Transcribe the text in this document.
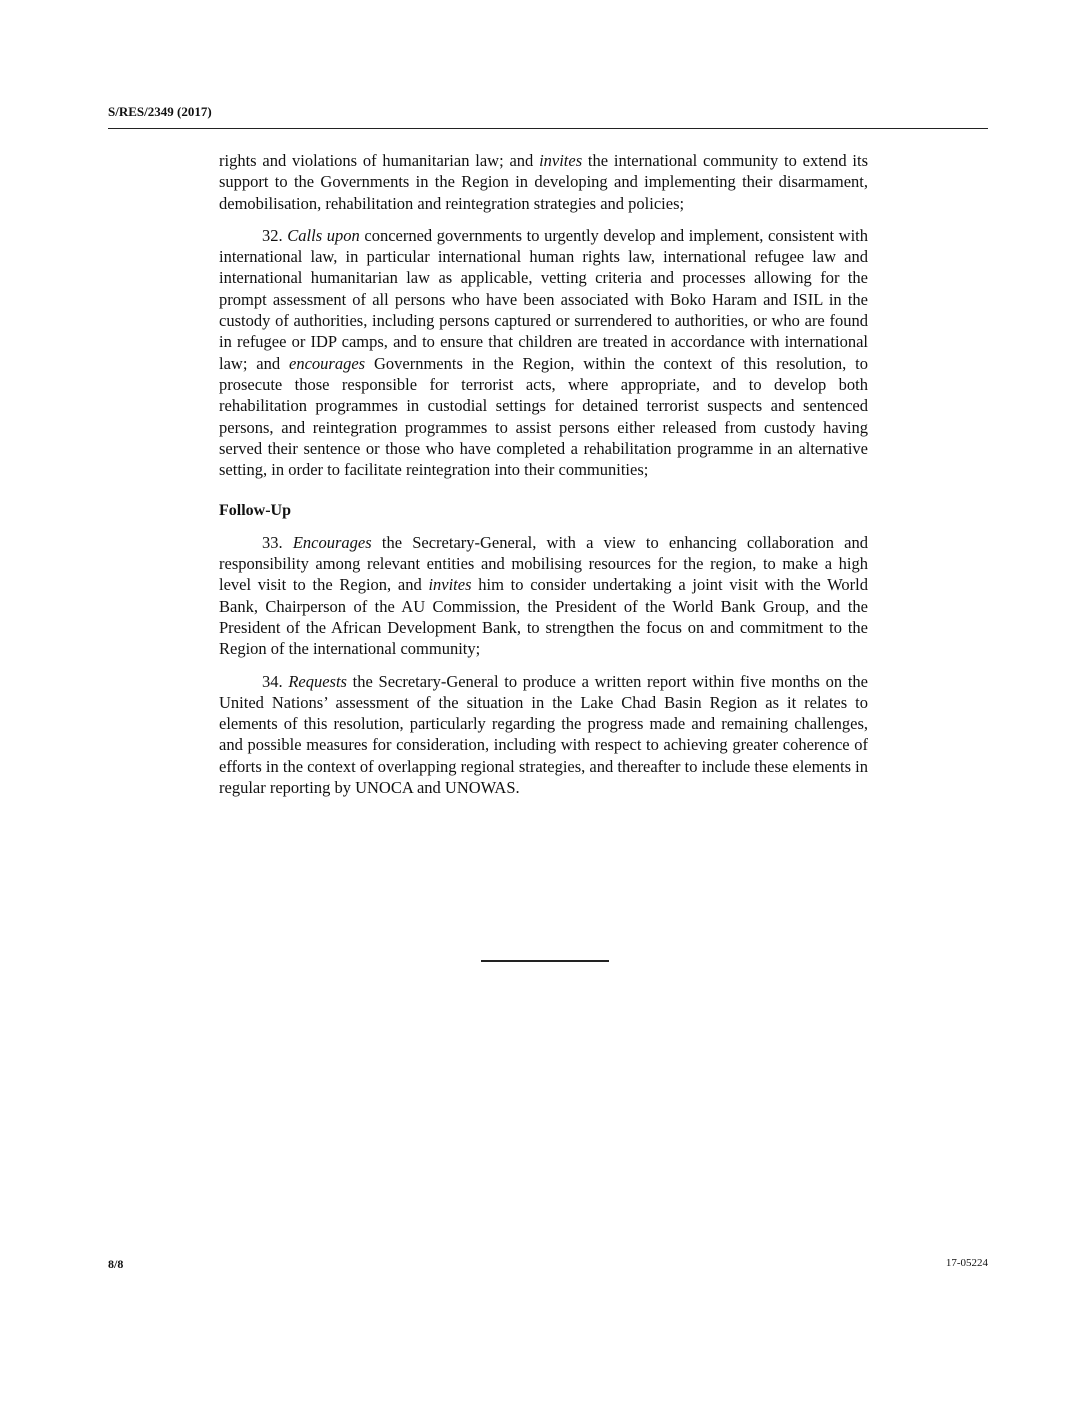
S/RES/2349 (2017)

rights and violations of humanitarian law; and invites the international community to extend its support to the Governments in the Region in developing and implementing their disarmament, demobilisation, rehabilitation and reintegration strategies and policies;

32. Calls upon concerned governments to urgently develop and implement, consistent with international law, in particular international human rights law, international refugee law and international humanitarian law as applicable, vetting criteria and processes allowing for the prompt assessment of all persons who have been associated with Boko Haram and ISIL in the custody of authorities, including persons captured or surrendered to authorities, or who are found in refugee or IDP camps, and to ensure that children are treated in accordance with international law; and encourages Governments in the Region, within the context of this resolution, to prosecute those responsible for terrorist acts, where appropriate, and to develop both rehabilitation programmes in custodial settings for detained terrorist suspects and sentenced persons, and reintegration programmes to assist persons either released from custody having served their sentence or those who have completed a rehabilitation programme in an alternative setting, in order to facilitate reintegration into their communities;

Follow-Up

33. Encourages the Secretary-General, with a view to enhancing collaboration and responsibility among relevant entities and mobilising resources for the region, to make a high level visit to the Region, and invites him to consider undertaking a joint visit with the World Bank, Chairperson of the AU Commission, the President of the World Bank Group, and the President of the African Development Bank, to strengthen the focus on and commitment to the Region of the international community;

34. Requests the Secretary-General to produce a written report within five months on the United Nations’ assessment of the situation in the Lake Chad Basin Region as it relates to elements of this resolution, particularly regarding the progress made and remaining challenges, and possible measures for consideration, including with respect to achieving greater coherence of efforts in the context of overlapping regional strategies, and thereafter to include these elements in regular reporting by UNOCA and UNOWAS.

8/8	17-05224
